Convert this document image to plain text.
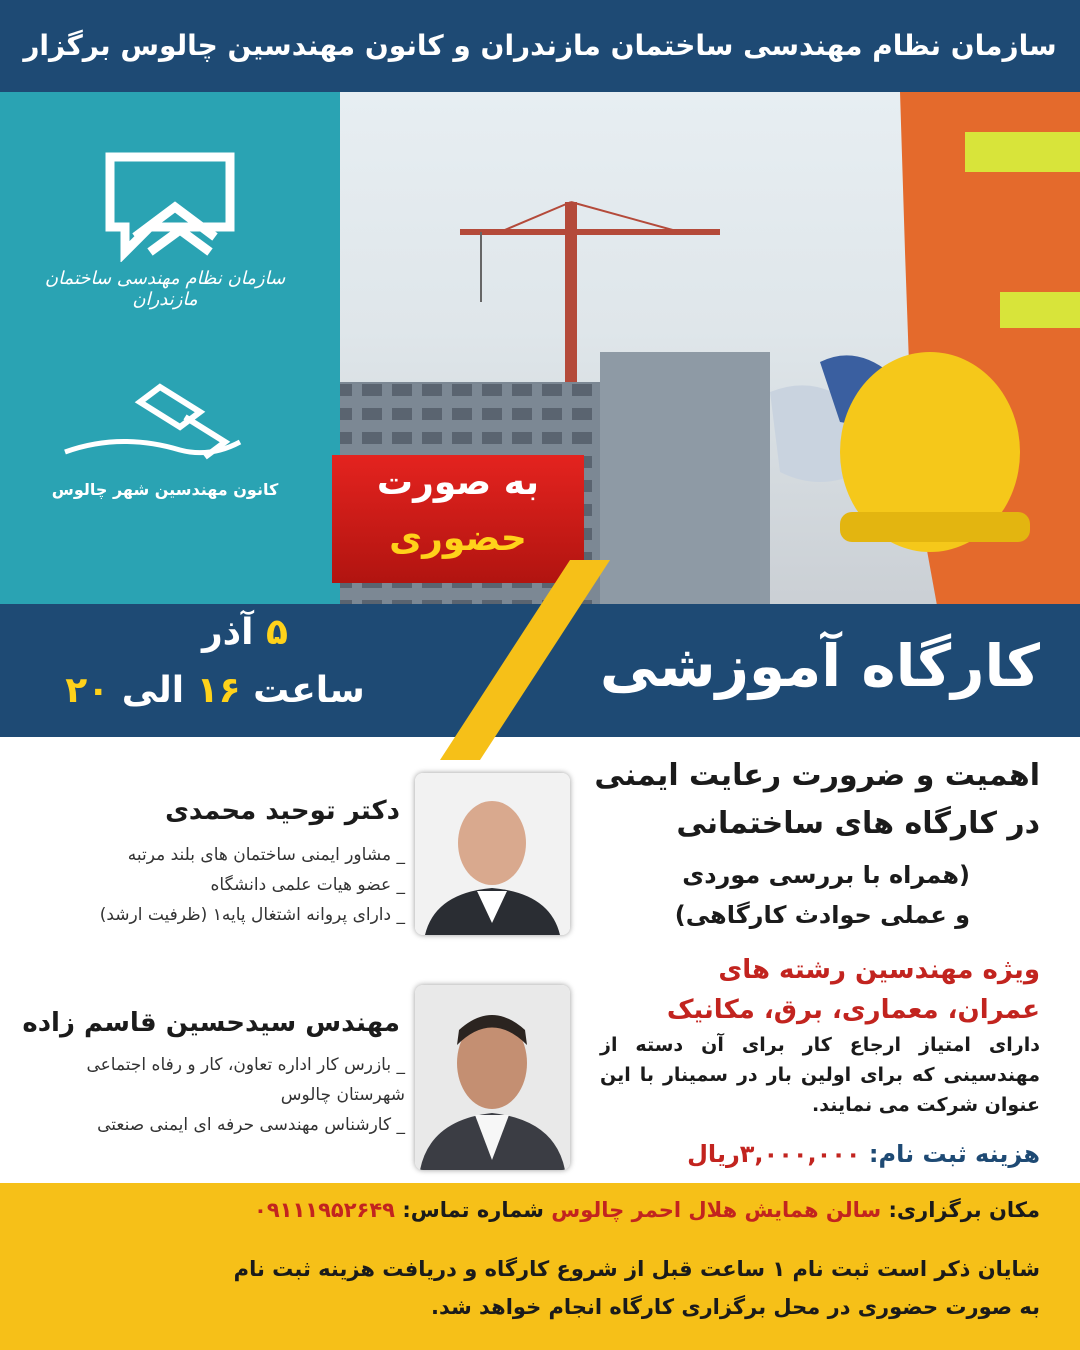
سازمان نظام مهندسی ساختمان مازندران و کانون مهندسین چالوس برگزار
سازمان نظام مهندسی ساختمان مازندران
کانون مهندسین شهر چالوس	به صورت
حضوری
۵ آذر
ساعت ۱۶ الی ۲۰	کارگاه آموزشی
اهمیت و ضرورت رعایت ایمنی
در کارگاه های ساختمانی
(همراه با بررسی موردی
و عملی حوادث کارگاهی)
ویژه مهندسین رشته های
عمران، معماری، برق، مکانیک
دارای امتیاز ارجاع کار برای آن دسته از مهندسینی که برای اولین بار در سمینار با این عنوان شرکت می نمایند.
هزینه ثبت نام: ۳,۰۰۰,۰۰۰ریال
دکتر توحید محمدی
_ مشاور ایمنی ساختمان های بلند مرتبه
_ عضو هیات علمی دانشگاه
_ دارای پروانه اشتغال پایه۱ (ظرفیت ارشد)
مهندس سیدحسین قاسم زاده
_ بازرس کار اداره تعاون، کار و رفاه اجتماعی
شهرستان چالوس
_ کارشناس مهندسی حرفه ای ایمنی صنعتی
مکان برگزاری: سالن همایش هلال احمر چالوس شماره تماس: ۰۹۱۱۱۹۵۲۶۴۹
شایان ذکر است ثبت نام ۱ ساعت قبل از شروع کارگاه و دریافت هزینه ثبت نام
به صورت حضوری در محل برگزاری کارگاه انجام خواهد شد.
